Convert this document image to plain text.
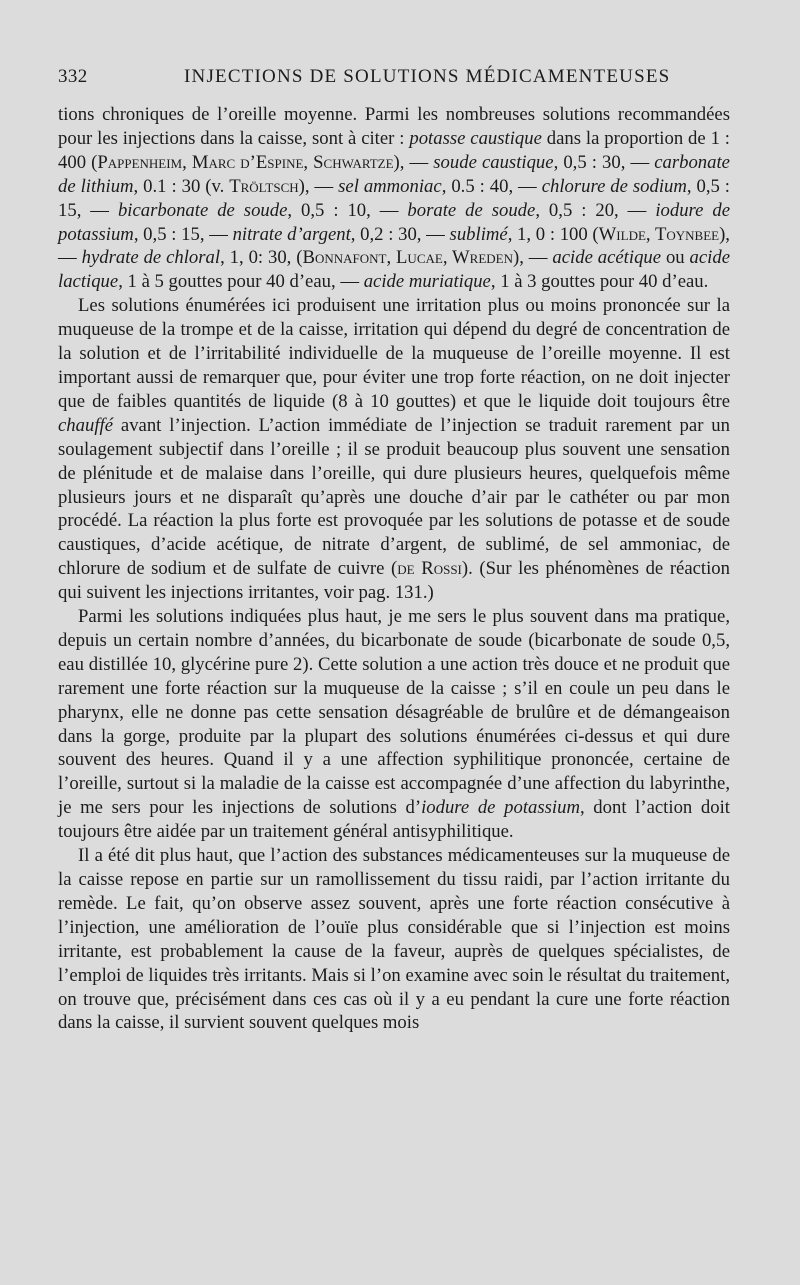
332	INJECTIONS DE SOLUTIONS MÉDICAMENTEUSES

tions chroniques de l’oreille moyenne. Parmi les nombreuses solutions recommandées pour les injections dans la caisse, sont à citer : potasse caustique dans la proportion de 1 : 400 (Pappenheim, Marc d’Espine, Schwartze), — soude caustique, 0,5 : 30, — carbonate de lithium, 0.1 : 30 (v. Tröltsch), — sel ammoniac, 0.5 : 40, — chlorure de sodium, 0,5 : 15, — bicarbonate de soude, 0,5 : 10, — borate de soude, 0,5 : 20, — iodure de potassium, 0,5 : 15, — nitrate d’argent, 0,2 : 30, — sublimé, 1, 0 : 100 (Wilde, Toynbee), — hydrate de chloral, 1, 0: 30, (Bonnafont, Lucae, Wreden), — acide acétique ou acide lactique, 1 à 5 gouttes pour 40 d’eau, — acide muriatique, 1 à 3 gouttes pour 40 d’eau.

Les solutions énumérées ici produisent une irritation plus ou moins prononcée sur la muqueuse de la trompe et de la caisse, irritation qui dépend du degré de concentration de la solution et de l’irritabilité individuelle de la muqueuse de l’oreille moyenne. Il est important aussi de remarquer que, pour éviter une trop forte réaction, on ne doit injecter que de faibles quantités de liquide (8 à 10 gouttes) et que le liquide doit toujours être chauffé avant l’injection. L’action immédiate de l’injection se traduit rarement par un soulagement subjectif dans l’oreille ; il se produit beaucoup plus souvent une sensation de plénitude et de malaise dans l’oreille, qui dure plusieurs heures, quelquefois même plusieurs jours et ne disparaît qu’après une douche d’air par le cathéter ou par mon procédé. La réaction la plus forte est provoquée par les solutions de potasse et de soude caustiques, d’acide acétique, de nitrate d’argent, de sublimé, de sel ammoniac, de chlorure de sodium et de sulfate de cuivre (de Rossi). (Sur les phénomènes de réaction qui suivent les injections irritantes, voir pag. 131.)

Parmi les solutions indiquées plus haut, je me sers le plus souvent dans ma pratique, depuis un certain nombre d’années, du bicarbonate de soude (bicarbonate de soude 0,5, eau distillée 10, glycérine pure 2). Cette solution a une action très douce et ne produit que rarement une forte réaction sur la muqueuse de la caisse ; s’il en coule un peu dans le pharynx, elle ne donne pas cette sensation désagréable de brulûre et de démangeaison dans la gorge, produite par la plupart des solutions énumérées ci-dessus et qui dure souvent des heures. Quand il y a une affection syphilitique prononcée, certaine de l’oreille, surtout si la maladie de la caisse est accompagnée d’une affection du labyrinthe, je me sers pour les injections de solutions d’iodure de potassium, dont l’action doit toujours être aidée par un traitement général antisyphilitique.

Il a été dit plus haut, que l’action des substances médicamenteuses sur la muqueuse de la caisse repose en partie sur un ramollissement du tissu raidi, par l’action irritante du remède. Le fait, qu’on observe assez souvent, après une forte réaction consécutive à l’injection, une amélioration de l’ouïe plus considérable que si l’injection est moins irritante, est probablement la cause de la faveur, auprès de quelques spécialistes, de l’emploi de liquides très irritants. Mais si l’on examine avec soin le résultat du traitement, on trouve que, précisément dans ces cas où il y a eu pendant la cure une forte réaction dans la caisse, il survient souvent quelques mois
